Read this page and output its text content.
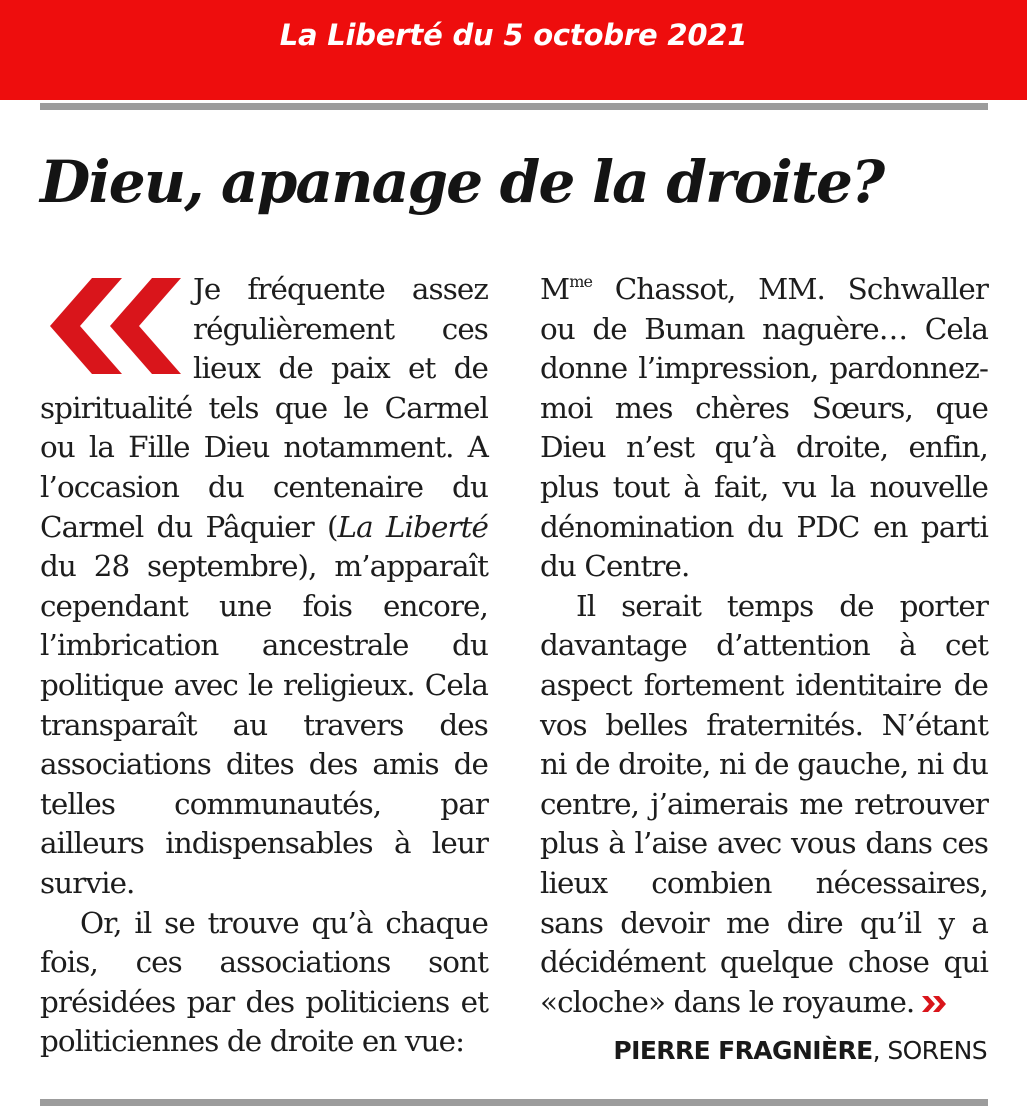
La Liberté du 5 octobre 2021
Dieu, apanage de la droite?

Je fréquente assez régulièrement ces lieux de paix et de spiritualité tels que le Carmel ou la Fille Dieu notamment. A l’occasion du centenaire du Carmel du Pâquier (La Liberté du 28 septembre), m’apparaît cependant une fois encore, l’imbrication ancestrale du politique avec le religieux. Cela transparaît au travers des associations dites des amis de telles communautés, par ailleurs indispensables à leur survie.

Or, il se trouve qu’à chaque fois, ces associations sont présidées par des politiciens et politiciennes de droite en vue:

$M^{me}$ Chassot, MM. Schwaller ou de Buman naguère… Cela donne l’impression, pardonnez-moi mes chères Sœurs, que Dieu n’est qu’à droite, enfin, plus tout à fait, vu la nouvelle dénomination du PDC en parti du Centre.

Il serait temps de porter davantage d’attention à cet aspect fortement identitaire de vos belles fraternités. N’étant ni de droite, ni de gauche, ni du centre, j’aimerais me retrouver plus à l’aise avec vous dans ces lieux combien nécessaires, sans devoir me dire qu’il y a décidément quelque chose qui «cloche» dans le royaume.

PIERRE FRAGNIÈRE, SORENS
